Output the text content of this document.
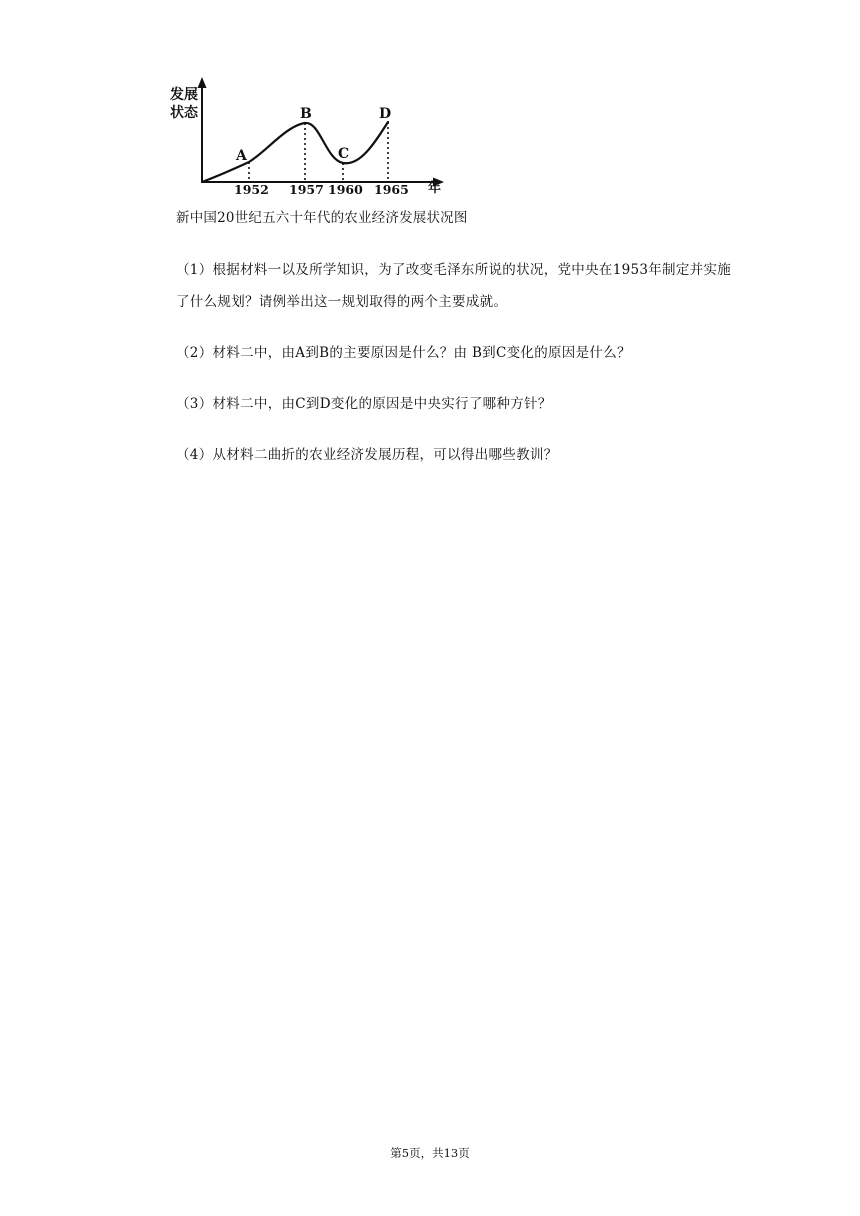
发展
状态
年
A
B
C
D
1952 1957 1960 1965
新中国20世纪五六十年代的农业经济发展状况图
（1）根据材料一以及所学知识，为了改变毛泽东所说的状况，党中央在1953年制定并实施了什么规划？请例举出这一规划取得的两个主要成就。
（2）材料二中，由A到B的主要原因是什么？由 B到C变化的原因是什么？
（3）材料二中，由C到D变化的原因是中央实行了哪种方针？
（4）从材料二曲折的农业经济发展历程，可以得出哪些教训？
第5页，共13页
